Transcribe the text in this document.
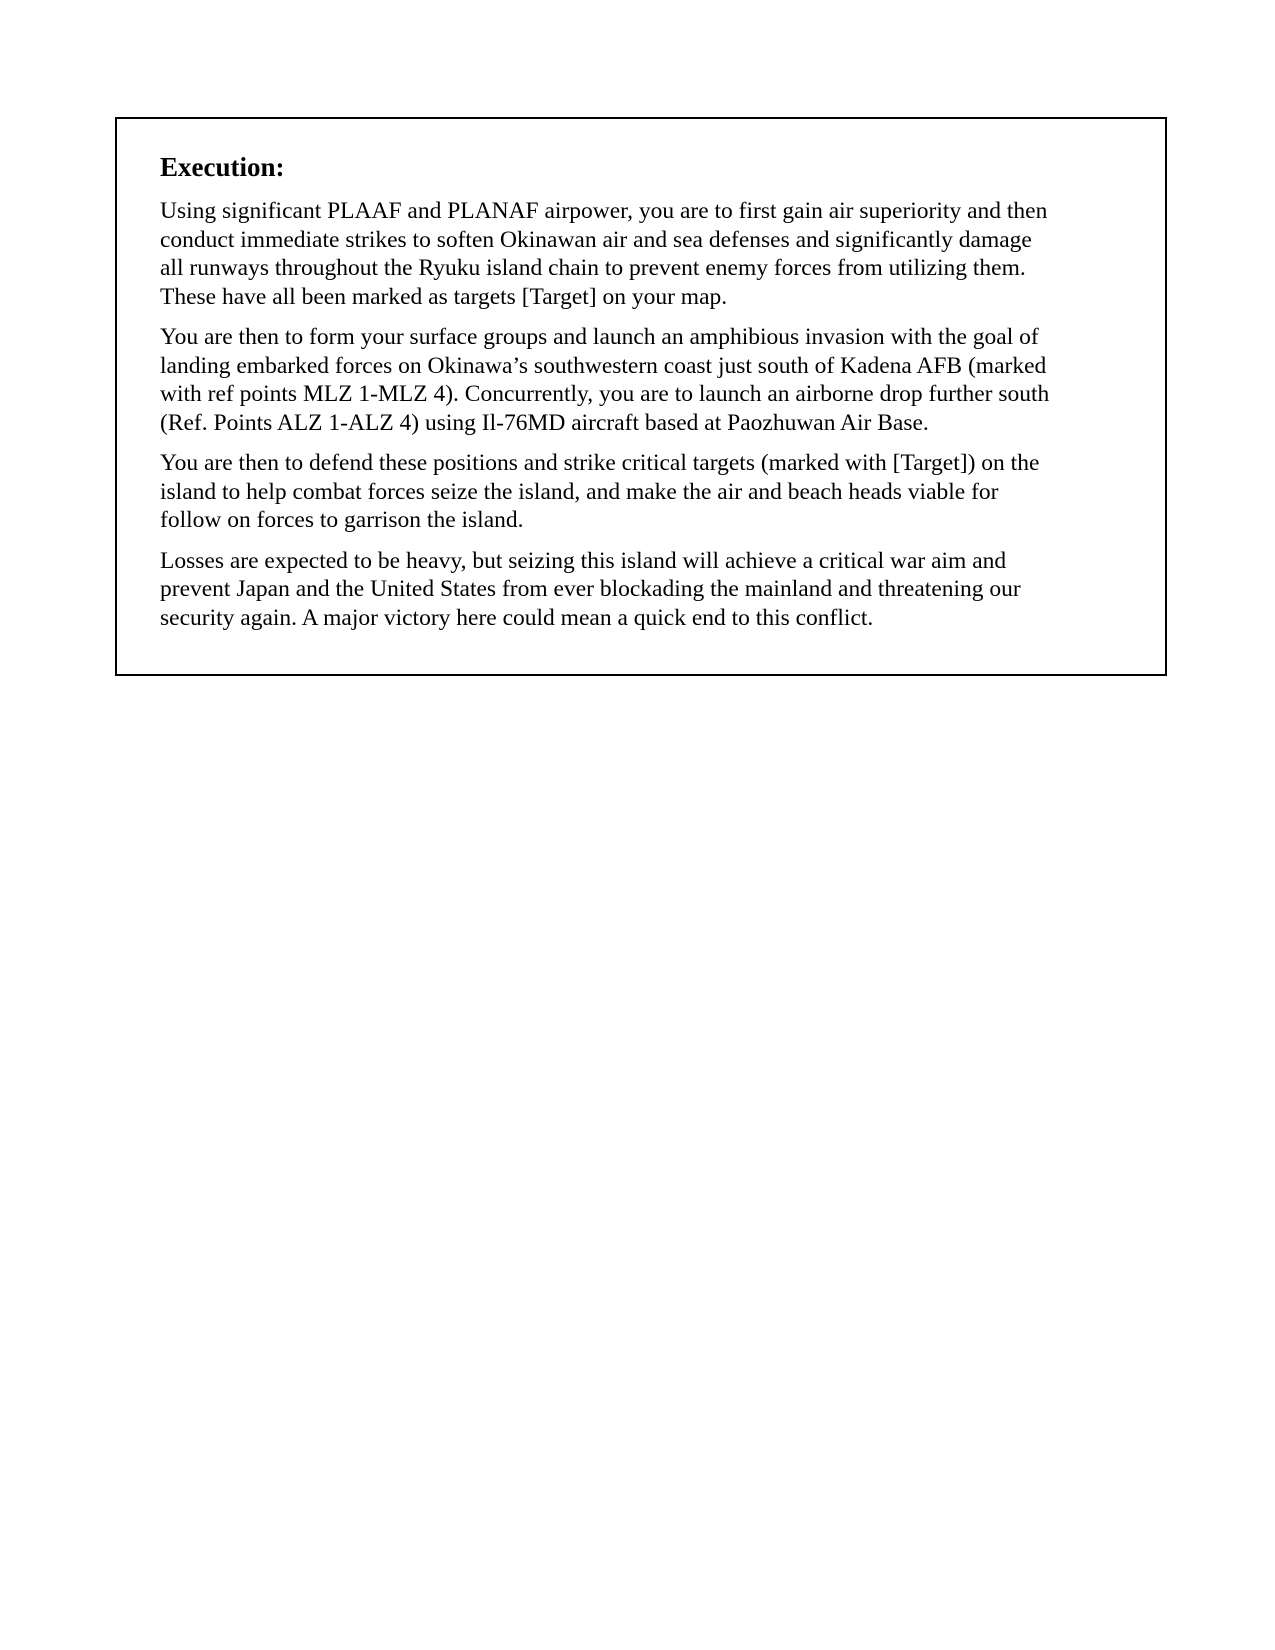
Execution:
Using significant PLAAF and PLANAF airpower, you are to first gain air superiority and then
conduct immediate strikes to soften Okinawan air and sea defenses and significantly damage
all runways throughout the Ryuku island chain to prevent enemy forces from utilizing them.
These have all been marked as targets [Target] on your map.
You are then to form your surface groups and launch an amphibious invasion with the goal of
landing embarked forces on Okinawa’s southwestern coast just south of Kadena AFB (marked
with ref points MLZ 1-MLZ 4). Concurrently, you are to launch an airborne drop further south
(Ref. Points ALZ 1-ALZ 4) using Il-76MD aircraft based at Paozhuwan Air Base.
You are then to defend these positions and strike critical targets (marked with [Target]) on the
island to help combat forces seize the island, and make the air and beach heads viable for
follow on forces to garrison the island.
Losses are expected to be heavy, but seizing this island will achieve a critical war aim and
prevent Japan and the United States from ever blockading the mainland and threatening our
security again. A major victory here could mean a quick end to this conflict.
